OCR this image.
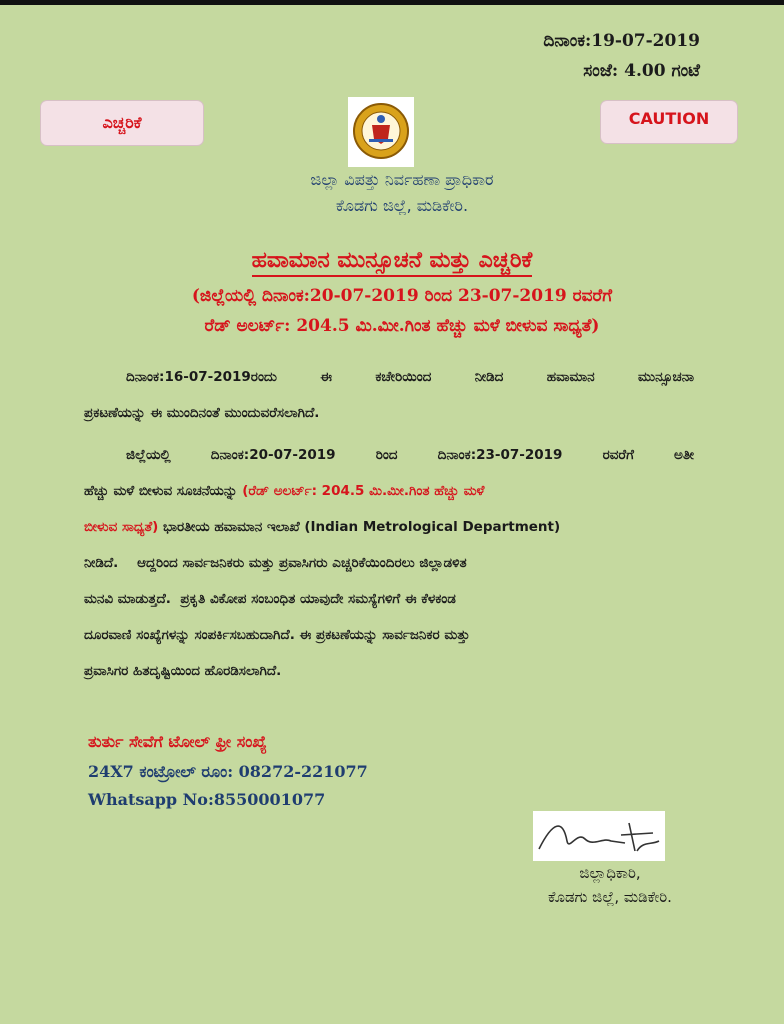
ದಿನಾಂಕ:19-07-2019
ಸಂಜೆ: 4.00 ಗಂಟೆ
ಎಚ್ಚರಿಕೆ	CAUTION
ಜಿಲ್ಲಾ ವಿಪತ್ತು ನಿರ್ವಹಣಾ ಪ್ರಾಧಿಕಾರ
ಕೊಡಗು ಜಿಲ್ಲೆ, ಮಡಿಕೇರಿ.
ಹವಾಮಾನ ಮುನ್ಸೂಚನೆ ಮತ್ತು ಎಚ್ಚರಿಕೆ
(ಜಿಲ್ಲೆಯಲ್ಲಿ ದಿನಾಂಕ:20-07-2019 ರಿಂದ 23-07-2019 ರವರೆಗೆ
ರೆಡ್ ಅಲರ್ಟ್: 204.5 ಮಿ.ಮೀ.ಗಿಂತ ಹೆಚ್ಚು ಮಳೆ ಬೀಳುವ ಸಾಧ್ಯತೆ)
ದಿನಾಂಕ:16-07-2019ರಂದು ಈ ಕಚೇರಿಯಿಂದ ನೀಡಿದ ಹವಾಮಾನ ಮುನ್ಸೂಚನಾ
ಪ್ರಕಟಣೆಯನ್ನು ಈ ಮುಂದಿನಂತೆ ಮುಂದುವರೆಸಲಾಗಿದೆ.
ಜಿಲ್ಲೆಯಲ್ಲಿ ದಿನಾಂಕ:20-07-2019 ರಿಂದ ದಿನಾಂಕ:23-07-2019 ರವರೆಗೆ ಅತೀ
ಹೆಚ್ಚು ಮಳೆ ಬೀಳುವ ಸೂಚನೆಯನ್ನು (ರೆಡ್ ಅಲರ್ಟ್: 204.5 ಮಿ.ಮೀ.ಗಿಂತ ಹೆಚ್ಚು ಮಳೆ
ಬೀಳುವ ಸಾಧ್ಯತೆ) ಭಾರತೀಯ ಹವಾಮಾನ ಇಲಾಖೆ (Indian Metrological Department)
ನೀಡಿದೆ.    ಆದ್ದರಿಂದ ಸಾರ್ವಜನಿಕರು ಮತ್ತು ಪ್ರವಾಸಿಗರು ಎಚ್ಚರಿಕೆಯಿಂದಿರಲು ಜಿಲ್ಲಾಡಳಿತ
ಮನವಿ ಮಾಡುತ್ತದೆ.  ಪ್ರಕೃತಿ ವಿಕೋಪ ಸಂಬಂಧಿತ ಯಾವುದೇ ಸಮಸ್ಯೆಗಳಿಗೆ ಈ ಕೆಳಕಂಡ
ದೂರವಾಣಿ ಸಂಖ್ಯೆಗಳನ್ನು ಸಂಪರ್ಕಿಸಬಹುದಾಗಿದೆ. ಈ ಪ್ರಕಟಣೆಯನ್ನು ಸಾರ್ವಜನಿಕರ ಮತ್ತು
ಪ್ರವಾಸಿಗರ ಹಿತದೃಷ್ಟಿಯಿಂದ ಹೊರಡಿಸಲಾಗಿದೆ.
ತುರ್ತು ಸೇವೆಗೆ ಟೋಲ್ ಫ್ರೀ ಸಂಖ್ಯೆ
24X7 ಕಂಟ್ರೋಲ್ ರೂಂ: 08272-221077
Whatsapp No:8550001077
ಜಿಲ್ಲಾಧಿಕಾರಿ,
ಕೊಡಗು ಜಿಲ್ಲೆ, ಮಡಿಕೇರಿ.
